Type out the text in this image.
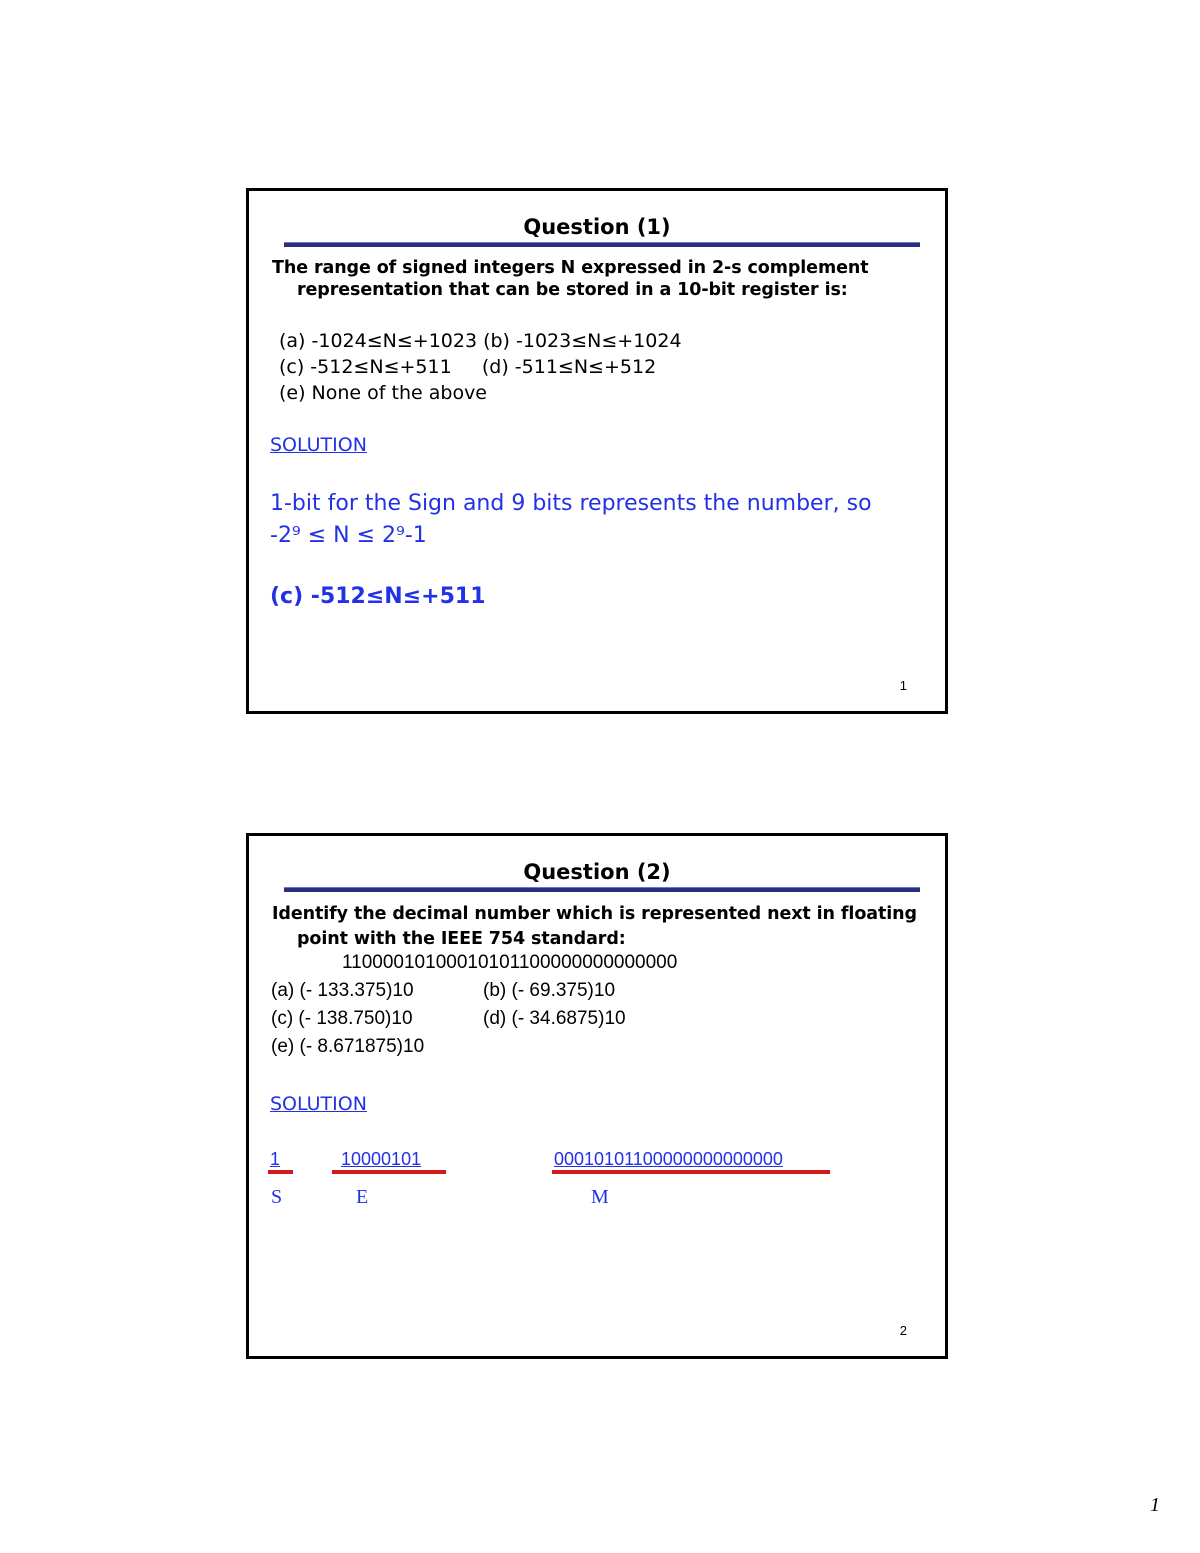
Question (1)
The range of signed integers N expressed in 2-s complement
representation that can be stored in a 10-bit register is:
(a) -1024≤N≤+1023 (b) -1023≤N≤+1024
(c) -512≤N≤+511     (d) -511≤N≤+512
(e) None of the above
SOLUTION
1-bit for the Sign and 9 bits represents the number, so
-2⁹ ≤ N ≤ 2⁹-1
(c) -512≤N≤+511
1
Question (2)
Identify the decimal number which is represented next in floating
point with the IEEE 754 standard:
11000010100010101100000000000000
(a) (- 133.375)10	(b) (- 69.375)10
(c) (- 138.750)10	(d) (- 34.6875)10
(e) (- 8.671875)10
SOLUTION
1	10000101	00010101100000000000000
S	E	M
2
1
